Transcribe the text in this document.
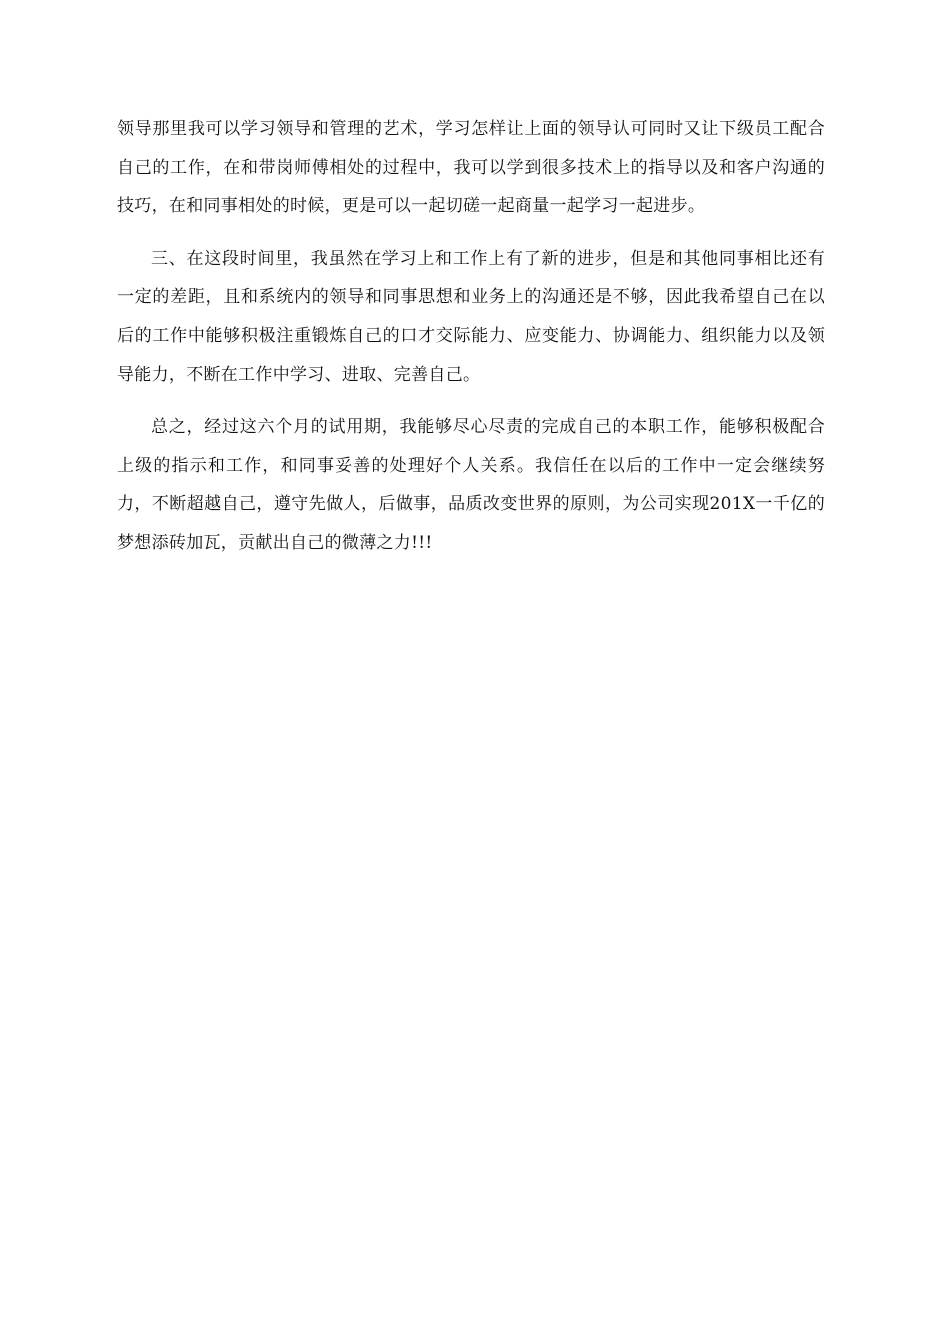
领导那里我可以学习领导和管理的艺术，学习怎样让上面的领导认可同时又让下级员工配合自己的工作，在和带岗师傅相处的过程中，我可以学到很多技术上的指导以及和客户沟通的技巧，在和同事相处的时候，更是可以一起切磋一起商量一起学习一起进步。

三、在这段时间里，我虽然在学习上和工作上有了新的进步，但是和其他同事相比还有一定的差距，且和系统内的领导和同事思想和业务上的沟通还是不够，因此我希望自己在以后的工作中能够积极注重锻炼自己的口才交际能力、应变能力、协调能力、组织能力以及领导能力，不断在工作中学习、进取、完善自己。

总之，经过这六个月的试用期，我能够尽心尽责的完成自己的本职工作，能够积极配合上级的指示和工作，和同事妥善的处理好个人关系。我信任在以后的工作中一定会继续努力，不断超越自己，遵守先做人，后做事，品质改变世界的原则，为公司实现201X一千亿的梦想添砖加瓦，贡献出自己的微薄之力!!!
